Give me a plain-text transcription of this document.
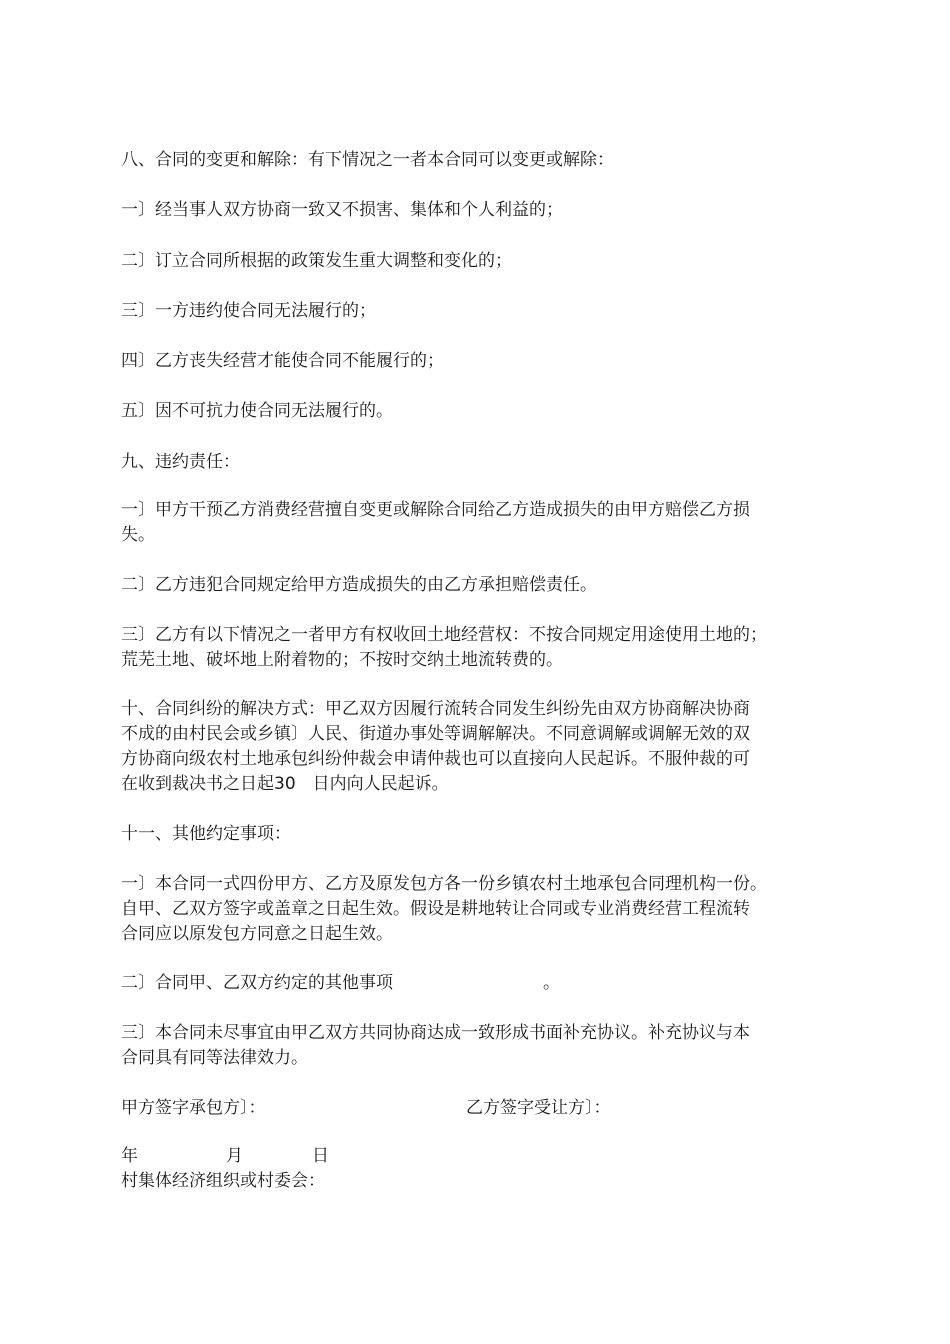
八、合同的变更和解除：有下情况之一者本合同可以变更或解除：

一〕经当事人双方协商一致又不损害、集体和个人利益的；

二〕订立合同所根据的政策发生重大调整和变化的；

三〕一方违约使合同无法履行的；

四〕乙方丧失经营才能使合同不能履行的；

五〕因不可抗力使合同无法履行的。

九、违约责任：

一〕甲方干预乙方消费经营擅自变更或解除合同给乙方造成损失的由甲方赔偿乙方损
失。

二〕乙方违犯合同规定给甲方造成损失的由乙方承担赔偿责任。

三〕乙方有以下情况之一者甲方有权收回土地经营权：不按合同规定用途使用土地的；
荒芜土地、破坏地上附着物的；不按时交纳土地流转费的。

十、合同纠纷的解决方式：甲乙双方因履行流转合同发生纠纷先由双方协商解决协商
不成的由村民会或乡镇〕人民、街道办事处等调解解决。不同意调解或调解无效的双
方协商向级农村土地承包纠纷仲裁会申请仲裁也可以直接向人民起诉。不服仲裁的可
在收到裁决书之日起30　日内向人民起诉。

十一、其他约定事项：

一〕本合同一式四份甲方、乙方及原发包方各一份乡镇农村土地承包合同理机构一份。
自甲、乙双方签字或盖章之日起生效。假设是耕地转让合同或专业消费经营工程流转
合同应以原发包方同意之日起生效。

二〕合同甲、乙双方约定的其他事项	。

三〕本合同未尽事宜由甲乙双方共同协商达成一致形成书面补充协议。补充协议与本
合同具有同等法律效力。

甲方签字承包方〕：	乙方签字受让方〕：
年	月	日
村集体经济组织或村委会：
